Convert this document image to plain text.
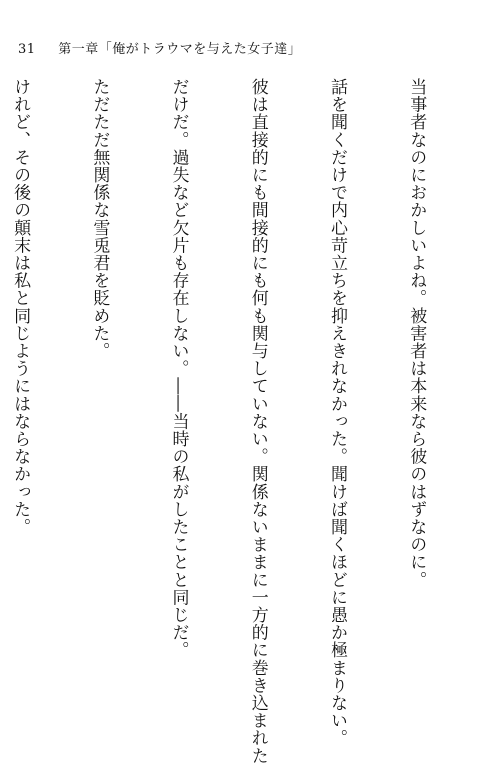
31 第一章「俺がトラウマを与えた女子達」

当事者なのにおかしいよね。被害者は本来なら彼のはずなのに。

話を聞くだけで内心苛立ちを抑えきれなかった。聞けば聞くほどに愚か極まりない。

彼は直接的にも間接的にも何も関与していない。関係ないままに一方的に巻き込まれた

だけだ。過失など欠片も存在しない。――当時の私がしたことと同じだ。

ただただ無関係な雪兎君を貶めた。

けれど、その後の顛末は私と同じようにはならなかった。
